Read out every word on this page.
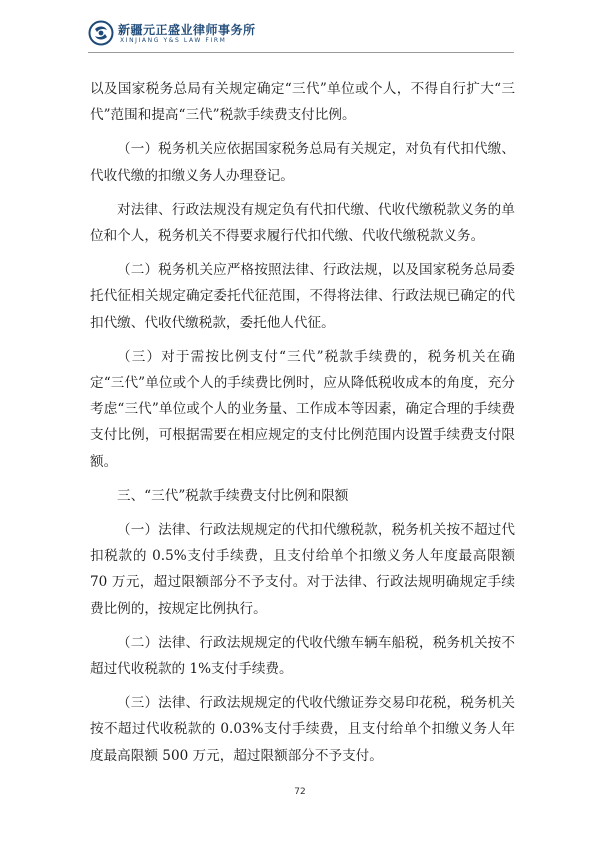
新疆元正盛业律师事务所
XINJIANG Y&S LAW FIRM

以及国家税务总局有关规定确定“三代”单位或个人，不得自行扩大“三代”范围和提高“三代”税款手续费支付比例。

（一）税务机关应依据国家税务总局有关规定，对负有代扣代缴、代收代缴的扣缴义务人办理登记。

对法律、行政法规没有规定负有代扣代缴、代收代缴税款义务的单位和个人，税务机关不得要求履行代扣代缴、代收代缴税款义务。

（二）税务机关应严格按照法律、行政法规，以及国家税务总局委托代征相关规定确定委托代征范围，不得将法律、行政法规已确定的代扣代缴、代收代缴税款，委托他人代征。

（三）对于需按比例支付“三代”税款手续费的，税务机关在确定“三代”单位或个人的手续费比例时，应从降低税收成本的角度，充分考虑“三代”单位或个人的业务量、工作成本等因素，确定合理的手续费支付比例，可根据需要在相应规定的支付比例范围内设置手续费支付限额。

三、“三代”税款手续费支付比例和限额

（一）法律、行政法规规定的代扣代缴税款，税务机关按不超过代扣税款的 0.5%支付手续费，且支付给单个扣缴义务人年度最高限额 70 万元，超过限额部分不予支付。对于法律、行政法规明确规定手续费比例的，按规定比例执行。

（二）法律、行政法规规定的代收代缴车辆车船税，税务机关按不超过代收税款的 1%支付手续费。

（三）法律、行政法规规定的代收代缴证券交易印花税，税务机关按不超过代收税款的 0.03%支付手续费，且支付给单个扣缴义务人年度最高限额 500 万元，超过限额部分不予支付。

72
